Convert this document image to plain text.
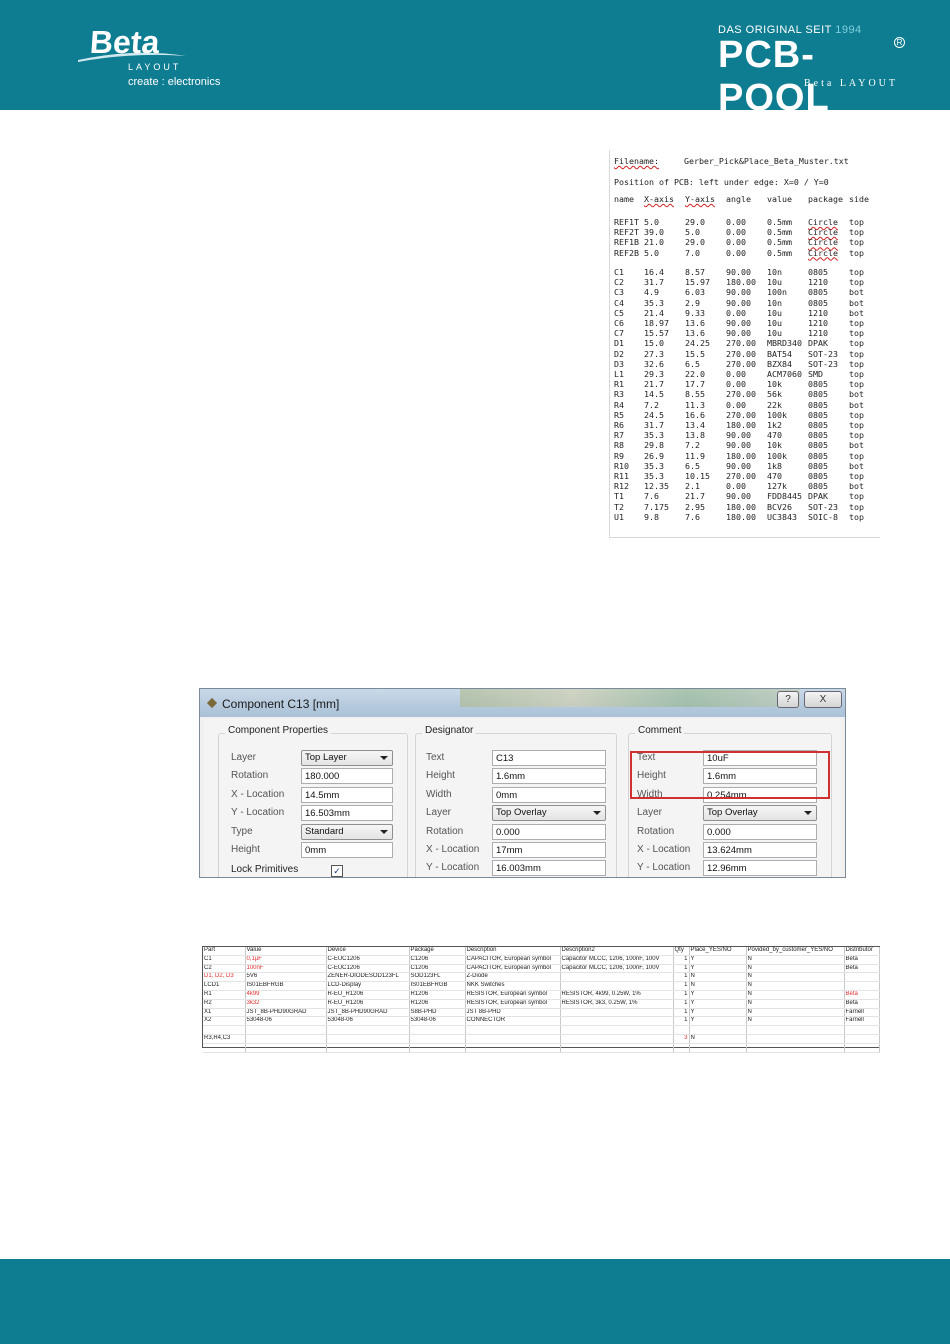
Beta
LAYOUT
create : electronics
DAS ORIGINAL SEIT 1994
PCB-POOL
R
Beta LAYOUT
Filename:	Gerber_Pick&Place_Beta_Muster.txt
Position of PCB: left under edge: X=0 / Y=0
name	X-axis	Y-axis	angle	value	package	side
REF1T	5.0	29.0	0.00	0.5mm	Circle	top
REF2T	39.0	5.0	0.00	0.5mm	Circle	top
REF1B	21.0	29.0	0.00	0.5mm	Circle	top
REF2B	5.0	7.0	0.00	0.5mm	Circle	top
C1	16.4	8.57	90.00	10n	0805	top
C2	31.7	15.97	180.00	10u	1210	top
C3	4.9	6.03	90.00	100n	0805	bot
C4	35.3	2.9	90.00	10n	0805	bot
C5	21.4	9.33	0.00	10u	1210	bot
C6	18.97	13.6	90.00	10u	1210	top
C7	15.57	13.6	90.00	10u	1210	top
D1	15.0	24.25	270.00	MBRD340	DPAK	top
D2	27.3	15.5	270.00	BAT54	SOT-23	top
D3	32.6	6.5	270.00	BZX84	SOT-23	top
L1	29.3	22.0	0.00	ACM7060	SMD	top
R1	21.7	17.7	0.00	10k	0805	top
R3	14.5	8.55	270.00	56k	0805	bot
R4	7.2	11.3	0.00	22k	0805	bot
R5	24.5	16.6	270.00	100k	0805	top
R6	31.7	13.4	180.00	1k2	0805	top
R7	35.3	13.8	90.00	470	0805	top
R8	29.8	7.2	90.00	10k	0805	bot
R9	26.9	11.9	180.00	100k	0805	top
R10	35.3	6.5	90.00	1k8	0805	bot
R11	35.3	10.15	270.00	470	0805	top
R12	12.35	2.1	0.00	127k	0805	bot
T1	7.6	21.7	90.00	FDD8445	DPAK	top
T2	7.175	2.95	180.00	BCV26	SOT-23	top
U1	9.8	7.6	180.00	UC3843	SOIC-8	top
Component C13 [mm]	?	X
Component Properties
Layer	Top Layer
Rotation	180.000
X - Location	14.5mm
Y - Location	16.503mm
Type	Standard
Height	0mm
Lock Primitives	✓
Designator
Text	C13
Height	1.6mm
Width	0mm
Layer	Top Overlay
Rotation	0.000
X - Location	17mm
Y - Location	16.003mm
Comment
Text	10uF
Height	1.6mm
Width	0.254mm
Layer	Top Overlay
Rotation	0.000
X - Location	13.624mm
Y - Location	12.96mm
Part	Value	Device	Package	Description	Description2	Qty	Place_YES/NO	Povided_by_customer_YES/NO	Distributor
C1	0,1µF	C-EUC1206	C1206	CAPACITOR, European symbol	Capacitor MLCC, 1206, 100nF, 100V	1	Y	N	Beta
C2	100nF	C-EUC1206	C1206	CAPACITOR, European symbol	Capacitor MLCC, 1206, 100nF, 100V	1	Y	N	Beta
D1, D2, D3	5V6	ZENER-DIODESOD123FL	SOD123FL	Z-Diode		1	N	N	
LCD1	IS01EBFRGB	LCD-Display	IS01EBFRGB	NKK Switches		1	N	N	
R1	4k99	R-EU_R1206	R1206	RESISTOR, European symbol	RESISTOR, 4k99, 0.25W, 1%	1	Y	N	Beta
R2	3k32	R-EU_R1206	R1206	RESISTOR, European symbol	RESISTOR, 3k3, 0.25W, 1%	1	Y	N	Beta
X1	JST_8B-PHD90GRAD	JST_8B-PHD90GRAD	S8B-PHD	JST 8B-PHD		1	Y	N	Farnell
X2	53048-06	53048-06	53048-06	CONNECTOR		1	Y	N	Farnell

R3,R4,C3						3	N		
